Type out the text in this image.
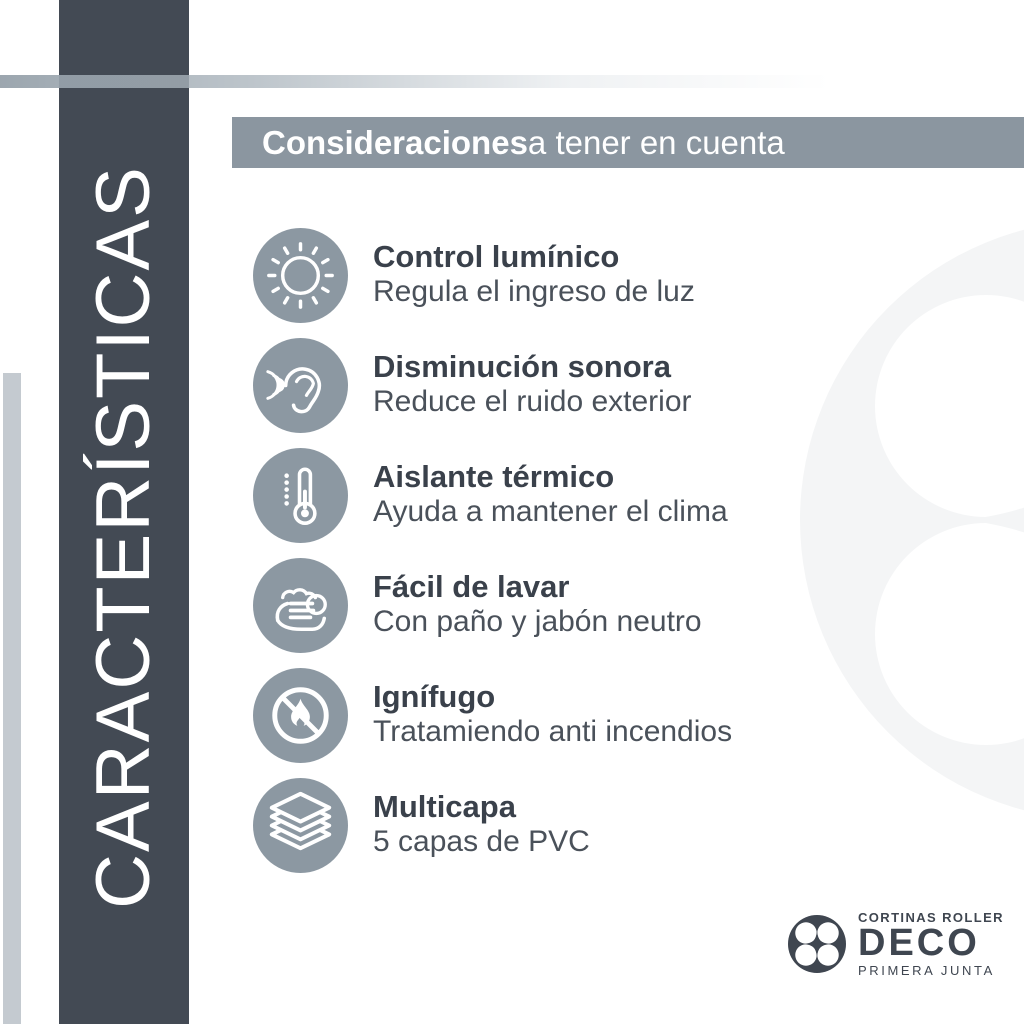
CARACTERÍSTICAS
Consideraciones a tener en cuenta
Control lumínico
Regula el ingreso de luz
Disminución sonora
Reduce el ruido exterior
Aislante térmico
Ayuda a mantener el clima
Fácil de lavar
Con paño y jabón neutro
Ignífugo
Tratamiendo anti incendios
Multicapa
5 capas de PVC
CORTINAS ROLLER
DECO
PRIMERA JUNTA
